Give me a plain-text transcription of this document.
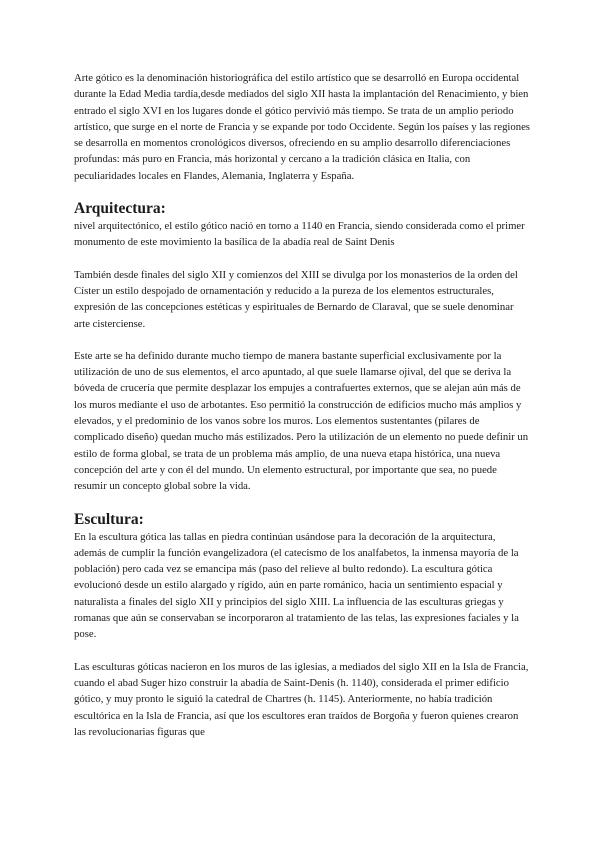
Arte gótico es la denominación historiográfica del estilo artístico que se desarrolló en Europa occidental durante la Edad Media tardía,desde mediados del siglo XII hasta la implantación del Renacimiento, y bien entrado el siglo XVI en los lugares donde el gótico pervivió más tiempo. Se trata de un amplio periodo artístico, que surge en el norte de Francia y se expande por todo Occidente. Según los países y las regiones se desarrolla en momentos cronológicos diversos, ofreciendo en su amplio desarrollo diferenciaciones profundas: más puro en Francia, más horizontal y cercano a la tradición clásica en Italia, con peculiaridades locales en Flandes, Alemania, Inglaterra y España.

Arquitectura:

nivel arquitectónico, el estilo gótico nació en torno a 1140 en Francia, siendo considerada como el primer monumento de este movimiento la basílica de la abadía real de Saint Denis

También desde finales del siglo XII y comienzos del XIII se divulga por los monasterios de la orden del Císter un estilo despojado de ornamentación y reducido a la pureza de los elementos estructurales, expresión de las concepciones estéticas y espirituales de Bernardo de Claraval, que se suele denominar arte cisterciense.

Este arte se ha definido durante mucho tiempo de manera bastante superficial exclusivamente por la utilización de uno de sus elementos, el arco apuntado, al que suele llamarse ojival, del que se deriva la bóveda de crucería que permite desplazar los empujes a contrafuertes externos, que se alejan aún más de los muros mediante el uso de arbotantes. Eso permitió la construcción de edificios mucho más amplios y elevados, y el predominio de los vanos sobre los muros. Los elementos sustentantes (pilares de complicado diseño) quedan mucho más estilizados. Pero la utilización de un elemento no puede definir un estilo de forma global, se trata de un problema más amplio, de una nueva etapa histórica, una nueva concepción del arte y con él del mundo. Un elemento estructural, por importante que sea, no puede resumir un concepto global sobre la vida.

Escultura:

En la escultura gótica las tallas en piedra continúan usándose para la decoración de la arquitectura, además de cumplir la función evangelizadora (el catecismo de los analfabetos, la inmensa mayoría de la población) pero cada vez se emancipa más (paso del relieve al bulto redondo). La escultura gótica evolucionó desde un estilo alargado y rígido, aún en parte románico, hacia un sentimiento espacial y naturalista a finales del siglo XII y principios del siglo XIII. La influencia de las esculturas griegas y romanas que aún se conservaban se incorporaron al tratamiento de las telas, las expresiones faciales y la pose.

Las esculturas góticas nacieron en los muros de las iglesias, a mediados del siglo XII en la Isla de Francia, cuando el abad Suger hizo construir la abadía de Saint-Denis (h. 1140), considerada el primer edificio gótico, y muy pronto le siguió la catedral de Chartres (h. 1145). Anteriormente, no había tradición escultórica en la Isla de Francia, así que los escultores eran traídos de Borgoña y fueron quienes crearon las revolucionarias figuras que
